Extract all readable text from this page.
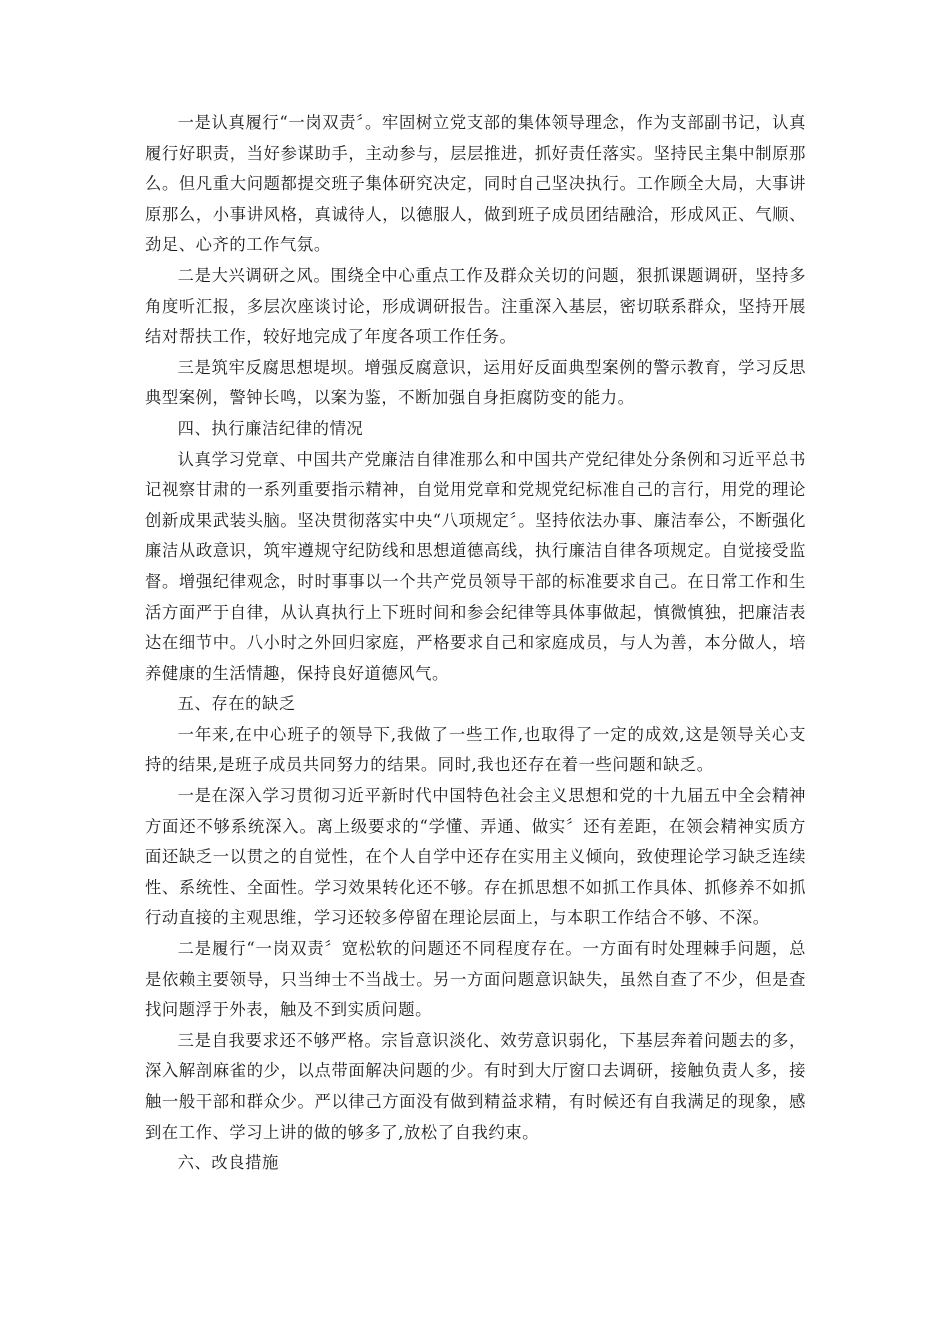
一是认真履行“一岗双责〞。牢固树立党支部的集体领导理念，作为支部副书记，认真履行好职责，当好参谋助手，主动参与，层层推进，抓好责任落实。坚持民主集中制原那么。但凡重大问题都提交班子集体研究决定，同时自己坚决执行。工作顾全大局，大事讲原那么，小事讲风格，真诚待人，以德服人，做到班子成员团结融洽，形成风正、气顺、劲足、心齐的工作气氛。

二是大兴调研之风。围绕全中心重点工作及群众关切的问题，狠抓课题调研，坚持多角度听汇报，多层次座谈讨论，形成调研报告。注重深入基层，密切联系群众，坚持开展结对帮扶工作，较好地完成了年度各项工作任务。

三是筑牢反腐思想堤坝。增强反腐意识，运用好反面典型案例的警示教育，学习反思典型案例，警钟长鸣，以案为鉴，不断加强自身拒腐防变的能力。

四、执行廉洁纪律的情况

认真学习党章、中国共产党廉洁自律准那么和中国共产党纪律处分条例和习近平总书记视察甘肃的一系列重要指示精神，自觉用党章和党规党纪标准自己的言行，用党的理论创新成果武装头脑。坚决贯彻落实中央“八项规定〞。坚持依法办事、廉洁奉公，不断强化廉洁从政意识，筑牢遵规守纪防线和思想道德高线，执行廉洁自律各项规定。自觉接受监督。增强纪律观念，时时事事以一个共产党员领导干部的标准要求自己。在日常工作和生活方面严于自律，从认真执行上下班时间和参会纪律等具体事做起，慎微慎独，把廉洁表达在细节中。八小时之外回归家庭，严格要求自己和家庭成员，与人为善，本分做人，培养健康的生活情趣，保持良好道德风气。

五、存在的缺乏

一年来,在中心班子的领导下,我做了一些工作,也取得了一定的成效,这是领导关心支持的结果,是班子成员共同努力的结果。同时,我也还存在着一些问题和缺乏。

一是在深入学习贯彻习近平新时代中国特色社会主义思想和党的十九届五中全会精神方面还不够系统深入。离上级要求的“学懂、弄通、做实〞还有差距，在领会精神实质方面还缺乏一以贯之的自觉性，在个人自学中还存在实用主义倾向，致使理论学习缺乏连续性、系统性、全面性。学习效果转化还不够。存在抓思想不如抓工作具体、抓修养不如抓行动直接的主观思维，学习还较多停留在理论层面上，与本职工作结合不够、不深。

二是履行“一岗双责〞宽松软的问题还不同程度存在。一方面有时处理棘手问题，总是依赖主要领导，只当绅士不当战士。另一方面问题意识缺失，虽然自查了不少，但是查找问题浮于外表，触及不到实质问题。

三是自我要求还不够严格。宗旨意识淡化、效劳意识弱化，下基层奔着问题去的多，深入解剖麻雀的少，以点带面解决问题的少。有时到大厅窗口去调研，接触负责人多，接触一般干部和群众少。严以律己方面没有做到精益求精，有时候还有自我满足的现象，感到在工作、学习上讲的做的够多了,放松了自我约束。

六、改良措施
